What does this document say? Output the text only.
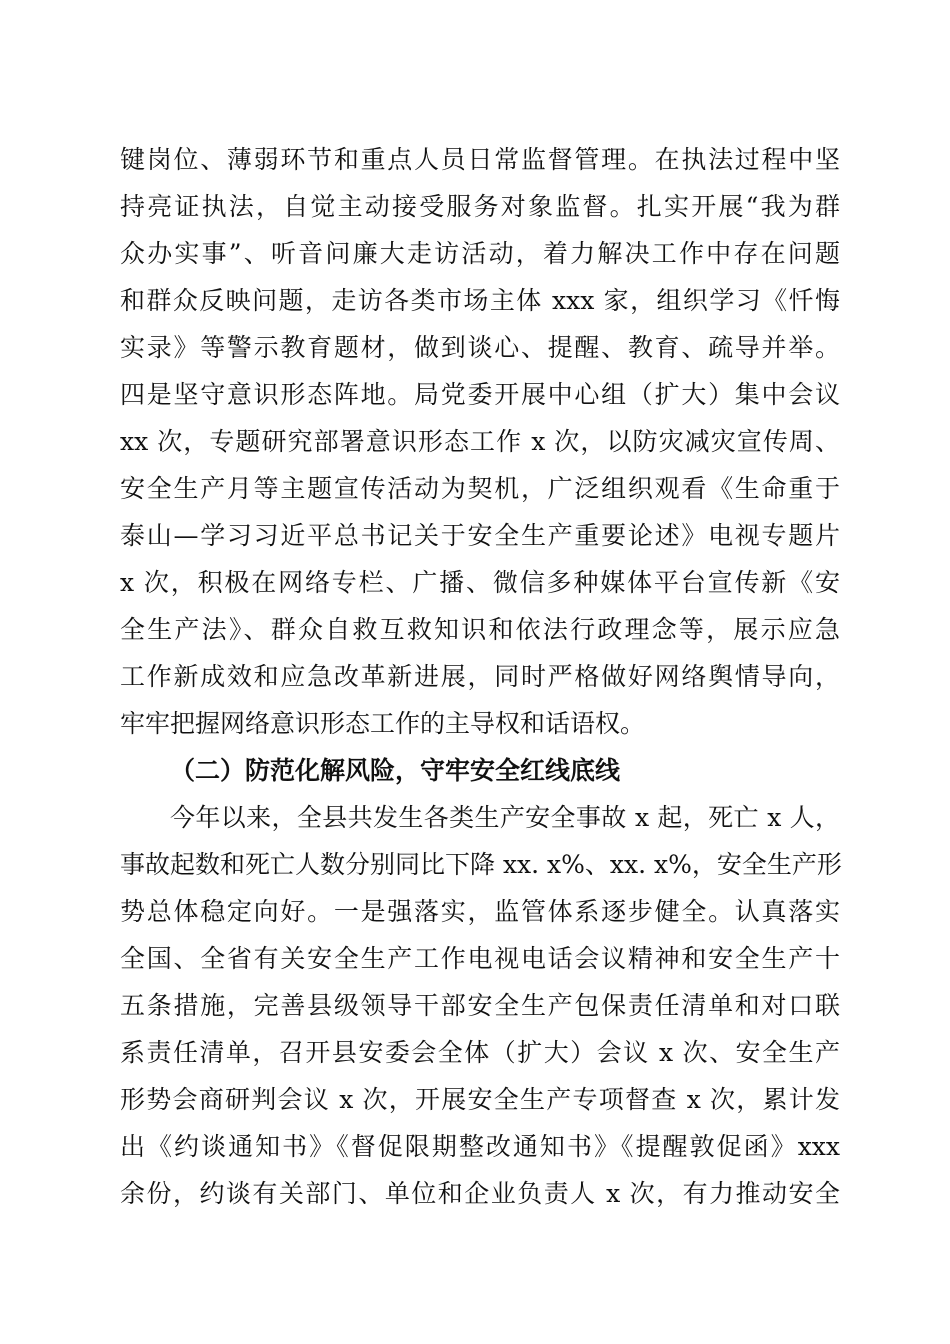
键岗位、薄弱环节和重点人员日常监督管理。在执法过程中坚
持亮证执法，自觉主动接受服务对象监督。扎实开展“我为群
众办实事”、听音问廉大走访活动，着力解决工作中存在问题
和群众反映问题，走访各类市场主体 xxx 家，组织学习《忏悔
实录》等警示教育题材，做到谈心、提醒、教育、疏导并举。
四是坚守意识形态阵地。局党委开展中心组（扩大）集中会议
xx 次，专题研究部署意识形态工作 x 次，以防灾减灾宣传周、
安全生产月等主题宣传活动为契机，广泛组织观看《生命重于
泰山—学习习近平总书记关于安全生产重要论述》电视专题片
x 次，积极在网络专栏、广播、微信多种媒体平台宣传新《安
全生产法》、群众自救互救知识和依法行政理念等，展示应急
工作新成效和应急改革新进展，同时严格做好网络舆情导向，
牢牢把握网络意识形态工作的主导权和话语权。
（二）防范化解风险，守牢安全红线底线
今年以来，全县共发生各类生产安全事故 x 起，死亡 x 人，
事故起数和死亡人数分别同比下降 xx. x%、xx. x%，安全生产形
势总体稳定向好。一是强落实，监管体系逐步健全。认真落实
全国、全省有关安全生产工作电视电话会议精神和安全生产十
五条措施，完善县级领导干部安全生产包保责任清单和对口联
系责任清单，召开县安委会全体（扩大）会议 x 次、安全生产
形势会商研判会议 x 次，开展安全生产专项督查 x 次，累计发
出《约谈通知书》《督促限期整改通知书》《提醒敦促函》xxx
余份，约谈有关部门、单位和企业负责人 x 次，有力推动安全
